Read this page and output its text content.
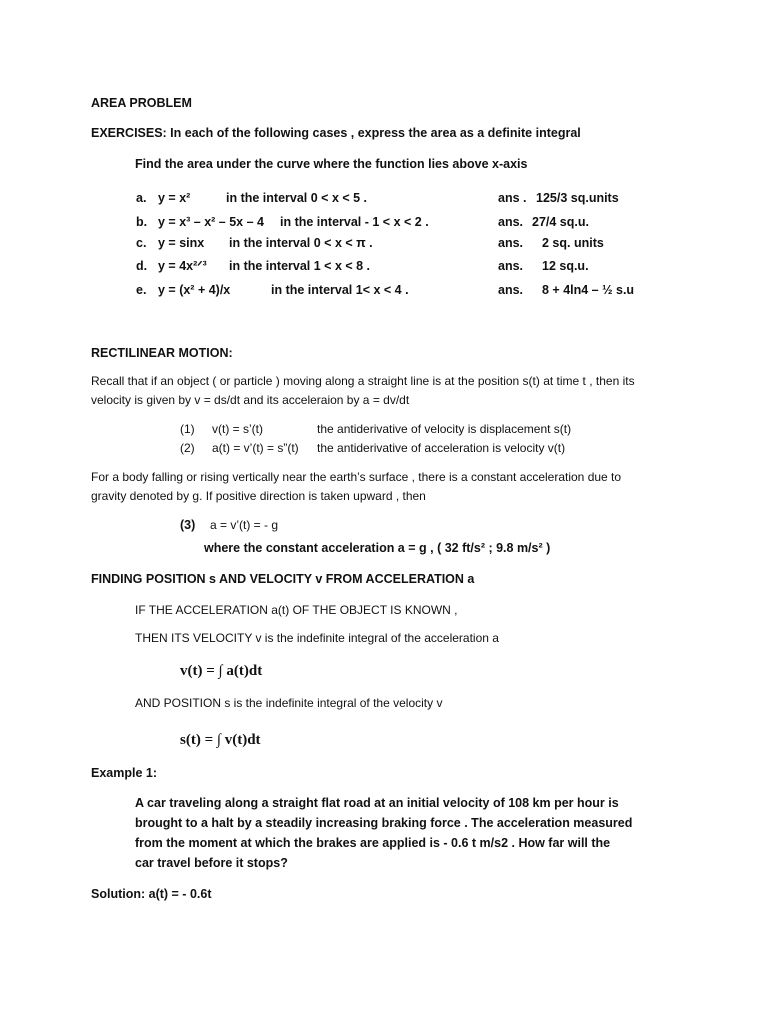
AREA PROBLEM
EXERCISES: In each of the following cases , express the area as a definite integral
Find the area under the curve where the function lies above x-axis
a. y = x²	in the interval 0 < x < 5 .	ans . 125/3 sq.units
b. y = x³ – x² – 5x – 4 in the interval - 1 < x < 2 .	ans. 27/4 sq.u.
c. y = sinx in the interval 0 < x < π .	ans. 2 sq. units
d. y = 4x²ᐟ³ in the interval 1 < x < 8 .	ans. 12 sq.u.
e. y = (x² + 4)/x	in the interval 1< x < 4 .	ans. 8 + 4ln4 – ½ s.u
RECTILINEAR MOTION:
Recall that if an object ( or particle ) moving along a straight line is at the position s(t) at time t , then its
velocity is given by v = ds/dt and its acceleraion by a = dv/dt
(1) v(t) = s’(t)	the antiderivative of velocity is displacement s(t)
(2) a(t) = v’(t) = s”(t) the antiderivative of acceleration is velocity v(t)
For a body falling or rising vertically near the earth’s surface , there is a constant acceleration due to
gravity denoted by g. If positive direction is taken upward , then
(3) a = v’(t) = - g
where the constant acceleration a = g , ( 32 ft/s² ; 9.8 m/s² )
FINDING POSITION s AND VELOCITY v FROM ACCELERATION a
IF THE ACCELERATION a(t) OF THE OBJECT IS KNOWN ,
THEN ITS VELOCITY v is the indefinite integral of the acceleration a
v(t) = ∫ a(t)dt
AND POSITION s is the indefinite integral of the velocity v
s(t) = ∫ v(t)dt
Example 1:
A car traveling along a straight flat road at an initial velocity of 108 km per hour is
brought to a halt by a steadily increasing braking force . The acceleration measured
from the moment at which the brakes are applied is - 0.6 t m/s2 . How far will the
car travel before it stops?
Solution: a(t) = - 0.6t
